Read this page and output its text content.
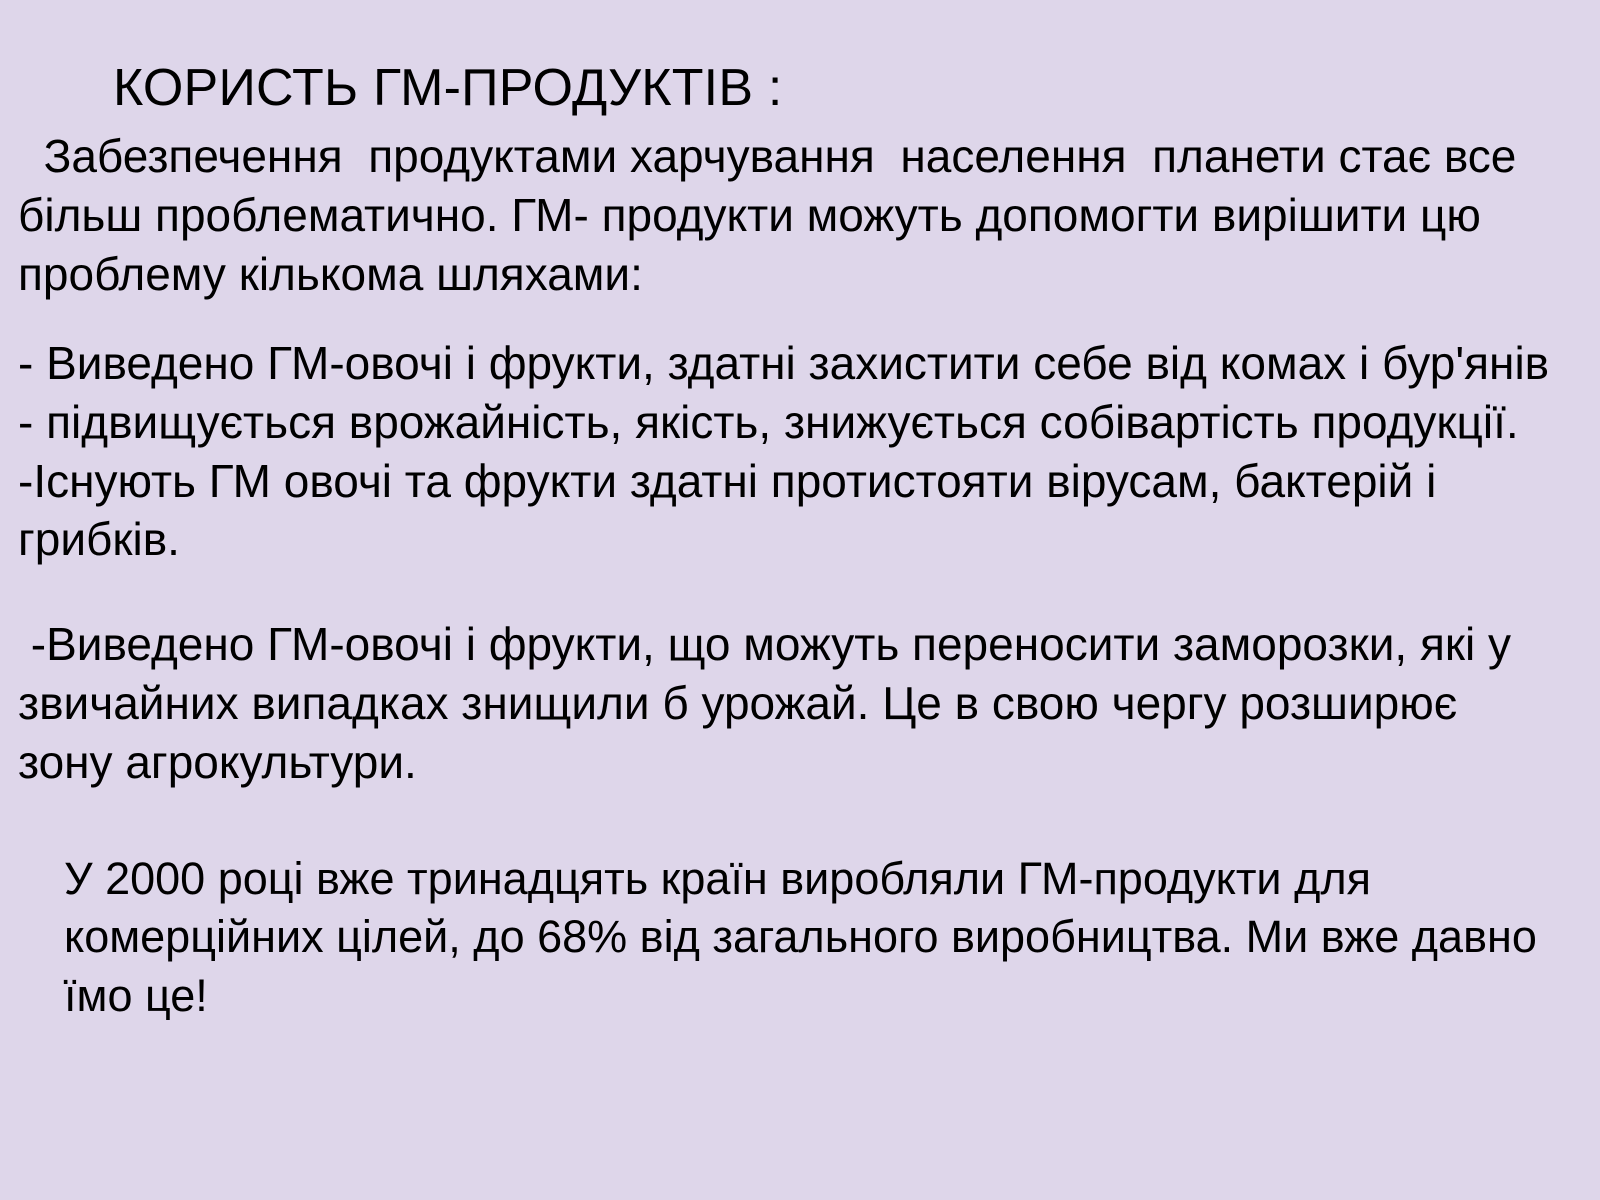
КОРИСТЬ ГМ-ПРОДУКТІВ :

Забезпечення  продуктами харчування  населення  планети стає все більш проблематично. ГМ- продукти можуть допомогти вирішити цю проблему кількома шляхами:

- Виведено ГМ-овочі і фрукти, здатні захистити себе від комах і бур'янів - підвищується врожайність, якість, знижується собівартість продукції.

-Існують ГМ овочі та фрукти здатні протистояти вірусам, бактерій і грибків.

-Виведено ГМ-овочі і фрукти, що можуть переносити заморозки, які у звичайних випадках знищили б урожай. Це в свою чергу розширює зону агрокультури.

У 2000 році вже тринадцять країн виробляли ГМ-продукти для комерційних цілей, до 68% від загального виробництва. Ми вже давно їмо це!
